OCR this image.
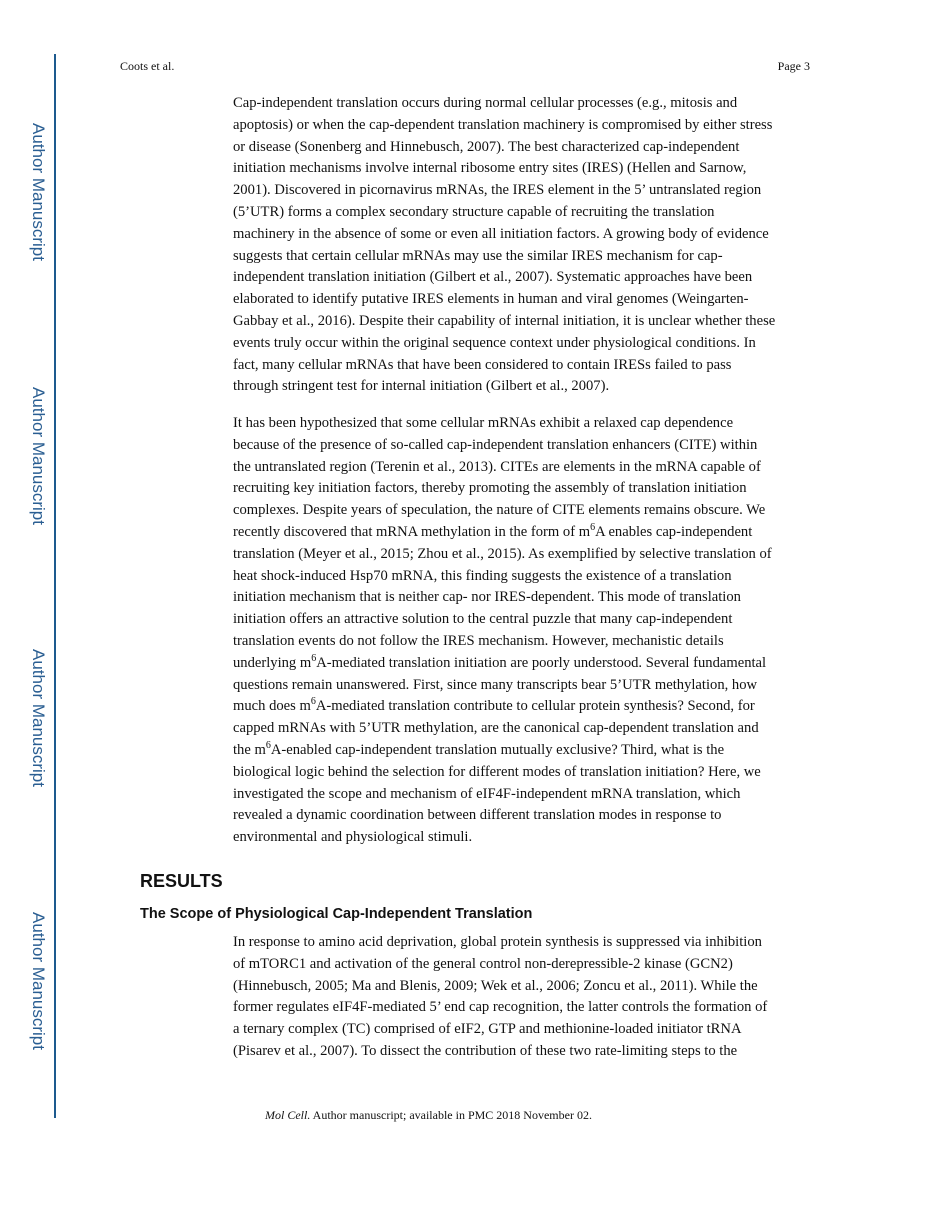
Author Manuscript
Author Manuscript
Author Manuscript
Author Manuscript
Coots et al.	Page 3
Cap-independent translation occurs during normal cellular processes (e.g., mitosis and
apoptosis) or when the cap-dependent translation machinery is compromised by either stress
or disease (Sonenberg and Hinnebusch, 2007). The best characterized cap-independent
initiation mechanisms involve internal ribosome entry sites (IRES) (Hellen and Sarnow,
2001). Discovered in picornavirus mRNAs, the IRES element in the 5’ untranslated region
(5’UTR) forms a complex secondary structure capable of recruiting the translation
machinery in the absence of some or even all initiation factors. A growing body of evidence
suggests that certain cellular mRNAs may use the similar IRES mechanism for cap-
independent translation initiation (Gilbert et al., 2007). Systematic approaches have been
elaborated to identify putative IRES elements in human and viral genomes (Weingarten-
Gabbay et al., 2016). Despite their capability of internal initiation, it is unclear whether these
events truly occur within the original sequence context under physiological conditions. In
fact, many cellular mRNAs that have been considered to contain IRESs failed to pass
through stringent test for internal initiation (Gilbert et al., 2007).
It has been hypothesized that some cellular mRNAs exhibit a relaxed cap dependence
because of the presence of so-called cap-independent translation enhancers (CITE) within
the untranslated region (Terenin et al., 2013). CITEs are elements in the mRNA capable of
recruiting key initiation factors, thereby promoting the assembly of translation initiation
complexes. Despite years of speculation, the nature of CITE elements remains obscure. We
recently discovered that mRNA methylation in the form of $m^6A$ enables cap-independent
translation (Meyer et al., 2015; Zhou et al., 2015). As exemplified by selective translation of
heat shock-induced Hsp70 mRNA, this finding suggests the existence of a translation
initiation mechanism that is neither cap- nor IRES-dependent. This mode of translation
initiation offers an attractive solution to the central puzzle that many cap-independent
translation events do not follow the IRES mechanism. However, mechanistic details
underlying $m^6A$-mediated translation initiation are poorly understood. Several fundamental
questions remain unanswered. First, since many transcripts bear 5’UTR methylation, how
much does $m^6A$-mediated translation contribute to cellular protein synthesis? Second, for
capped mRNAs with 5’UTR methylation, are the canonical cap-dependent translation and
the $m^6A$-enabled cap-independent translation mutually exclusive? Third, what is the
biological logic behind the selection for different modes of translation initiation? Here, we
investigated the scope and mechanism of eIF4F-independent mRNA translation, which
revealed a dynamic coordination between different translation modes in response to
environmental and physiological stimuli.
RESULTS
The Scope of Physiological Cap-Independent Translation
In response to amino acid deprivation, global protein synthesis is suppressed via inhibition
of mTORC1 and activation of the general control non-derepressible-2 kinase (GCN2)
(Hinnebusch, 2005; Ma and Blenis, 2009; Wek et al., 2006; Zoncu et al., 2011). While the
former regulates eIF4F-mediated 5’ end cap recognition, the latter controls the formation of
a ternary complex (TC) comprised of eIF2, GTP and methionine-loaded initiator tRNA
(Pisarev et al., 2007). To dissect the contribution of these two rate-limiting steps to the
Mol Cell. Author manuscript; available in PMC 2018 November 02.
